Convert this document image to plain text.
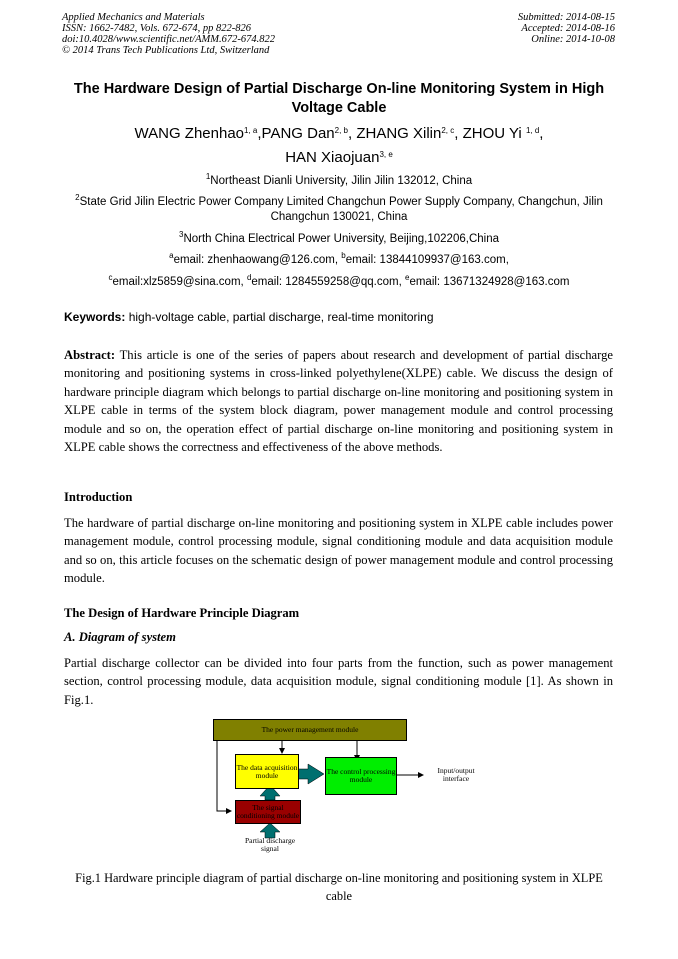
Applied Mechanics and Materials
ISSN: 1662-7482, Vols. 672-674, pp 822-826
doi:10.4028/www.scientific.net/AMM.672-674.822
© 2014 Trans Tech Publications Ltd, Switzerland
Submitted: 2014-08-15
Accepted: 2014-08-16
Online: 2014-10-08
The Hardware Design of Partial Discharge On-line Monitoring System in High Voltage Cable
WANG Zhenhao$^{1, a}$,PANG Dan$^{2, b}$, ZHANG Xilin$^{2, c}$, ZHOU Yi $^{1, d}$,
HAN Xiaojuan$^{3, e}$
$^1$Northeast Dianli University, Jilin Jilin 132012, China
$^2$State Grid Jilin Electric Power Company Limited Changchun Power Supply Company, Changchun, Jilin Changchun 130021, China
$^3$North China Electrical Power University, Beijing,102206,China
$^a$email: zhenhaowang@126.com, $^b$email: 13844109937@163.com,
$^c$email:xlz5859@sina.com, $^d$email: 1284559258@qq.com, $^e$email: 13671324928@163.com
Keywords: high-voltage cable, partial discharge, real-time monitoring
Abstract: This article is one of the series of papers about research and development of partial discharge monitoring and positioning systems in cross-linked polyethylene(XLPE) cable. We discuss the design of hardware principle diagram which belongs to partial discharge on-line monitoring and positioning system in XLPE cable in terms of the system block diagram, power management module and control processing module and so on, the operation effect of partial discharge on-line monitoring and positioning system in XLPE cable shows the correctness and effectiveness of the above methods.
Introduction
The hardware of partial discharge on-line monitoring and positioning system in XLPE cable includes power management module, control processing module, signal conditioning module and data acquisition module and so on, this article focuses on the schematic design of power management module and control processing module.
The Design of Hardware Principle Diagram
A. Diagram of system
Partial discharge collector can be divided into four parts from the function, such as power management section, control processing module, data acquisition module, signal conditioning module [1]. As shown in Fig.1.
The power management module
The data acquisition module	The control processing module
The signal conditioning module
Input/output interface
Partial discharge signal
Fig.1 Hardware principle diagram of partial discharge on-line monitoring and positioning system in XLPE cable
